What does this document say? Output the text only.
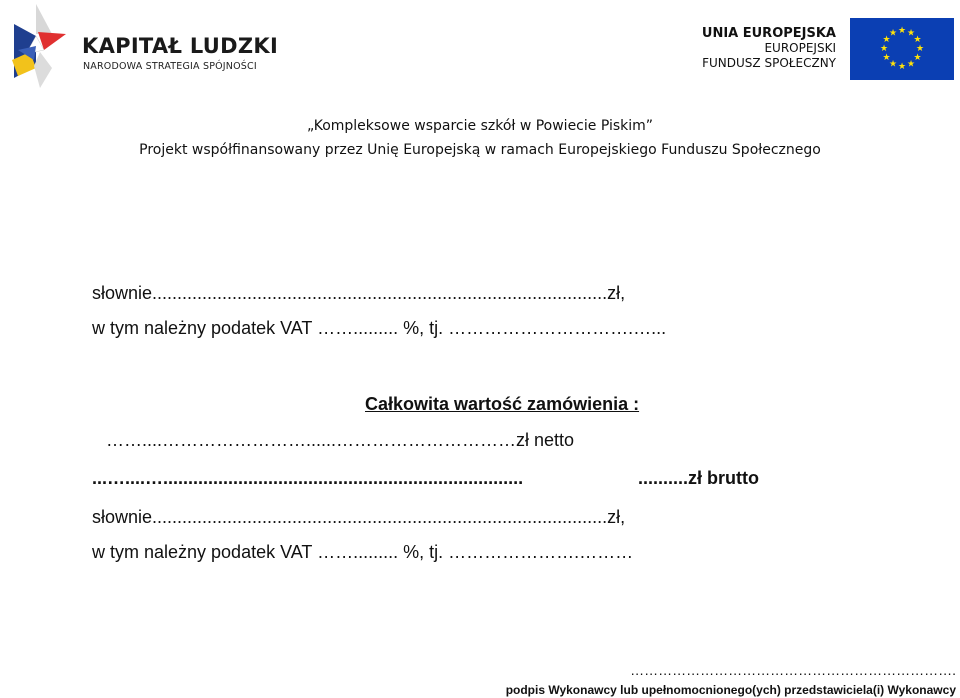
KAPITAŁ LUDZKI
NARODOWA STRATEGIA SPÓJNOŚCI
UNIA EUROPEJSKA
EUROPEJSKI
FUNDUSZ SPOŁECZNY
★ ★
★
★
★
★
★
★
★
★
★
★
„Kompleksowe wsparcie szkół w Powiecie Piskim”
Projekt współfinansowany przez Unię Europejską w ramach Europejskiego Funduszu Społecznego
słownie...........................................................................................zł,
w tym należny podatek VAT ……......... %, tj. ………………………….…...
Całkowita wartość zamówienia :
……....……………………......…………………………zł netto
...…....…........................................................................	..........zł brutto
słownie...........................................................................................zł,
w tym należny podatek VAT ……......... %, tj. ………………….………
…………………………………………………………….
podpis Wykonawcy lub upełnomocnionego(ych) przedstawiciela(i) Wykonawcy
